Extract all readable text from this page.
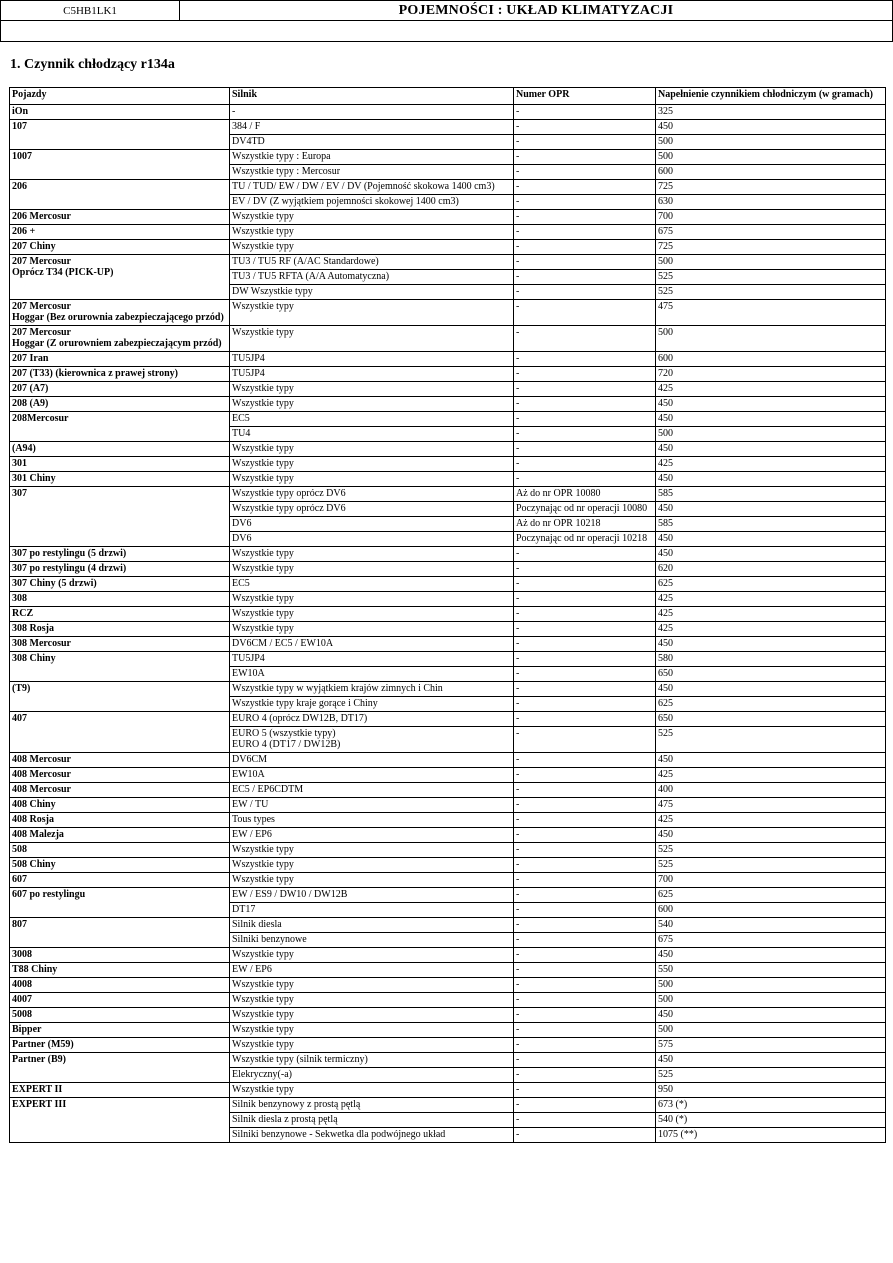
C5HB1LK1	POJEMNOŚCI : UKŁAD KLIMATYZACJI
1. Czynnik chłodzący r134a
Pojazdy	Silnik	Numer OPR	Napełnienie czynnikiem chłodniczym (w gramach)
iOn	-	-	325
107	384 / F	-	450
	DV4TD	-	500
1007	Wszystkie typy : Europa	-	500
	Wszystkie typy : Mercosur	-	600
206	TU / TUD/ EW / DW / EV / DV (Pojemność skokowa 1400 cm3)	-	725
	EV / DV (Z wyjątkiem pojemności skokowej 1400 cm3)	-	630
206 Mercosur	Wszystkie typy	-	700
206 +	Wszystkie typy	-	675
207 Chiny	Wszystkie typy	-	725
207 Mercosur
Oprócz T34 (PICK-UP)	TU3 / TU5 RF (A/AC Standardowe)	-	500
	TU3 / TU5 RFTA (A/A Automatyczna)	-	525
	DW Wszystkie typy	-	525
207 Mercosur
Hoggar (Bez orurownia zabezpieczającego przód)	Wszystkie typy	-	475
207 Mercosur
Hoggar (Z orurowniem zabezpieczającym przód)	Wszystkie typy	-	500
207 Iran	TU5JP4	-	600
207 (T33) (kierownica z prawej strony)	TU5JP4	-	720
207 (A7)	Wszystkie typy	-	425
208 (A9)	Wszystkie typy	-	450
208Mercosur	EC5	-	450
	TU4	-	500
(A94)	Wszystkie typy	-	450
301	Wszystkie typy	-	425
301 Chiny	Wszystkie typy	-	450
307	Wszystkie typy oprócz DV6	Aż do nr OPR 10080	585
	Wszystkie typy oprócz DV6	Poczynając od nr operacji 10080	450
	DV6	Aż do nr OPR 10218	585
	DV6	Poczynając od nr operacji 10218	450
307 po restylingu (5 drzwi)	Wszystkie typy	-	450
307 po restylingu (4 drzwi)	Wszystkie typy	-	620
307 Chiny (5 drzwi)	EC5	-	625
308	Wszystkie typy	-	425
RCZ	Wszystkie typy	-	425
308 Rosja	Wszystkie typy	-	425
308 Mercosur	DV6CM / EC5 / EW10A	-	450
308 Chiny	TU5JP4	-	580
	EW10A	-	650
(T9)	Wszystkie typy w wyjątkiem krajów zimnych i Chin	-	450
	Wszystkie typy kraje gorące i Chiny	-	625
407	EURO 4 (oprócz DW12B, DT17)	-	650
	EURO 5 (wszystkie typy)
EURO 4 (DT17 / DW12B)	-	525
408 Mercosur	DV6CM	-	450
408 Mercosur	EW10A	-	425
408 Mercosur	EC5 / EP6CDTM	-	400
408 Chiny	EW / TU	-	475
408 Rosja	Tous types	-	425
408 Malezja	EW / EP6	-	450
508	Wszystkie typy	-	525
508 Chiny	Wszystkie typy	-	525
607	Wszystkie typy	-	700
607 po restylingu	EW / ES9 / DW10 / DW12B	-	625
	DT17	-	600
807	Silnik diesla	-	540
	Silniki benzynowe	-	675
3008	Wszystkie typy	-	450
T88 Chiny	EW / EP6	-	550
4008	Wszystkie typy	-	500
4007	Wszystkie typy	-	500
5008	Wszystkie typy	-	450
Bipper	Wszystkie typy	-	500
Partner (M59)	Wszystkie typy	-	575
Partner (B9)	Wszystkie typy (silnik termiczny)	-	450
	Elekryczny(-a)	-	525
EXPERT II	Wszystkie typy	-	950
EXPERT III	Silnik benzynowy z prostą pętlą	-	673 (*)
	Silnik diesla z prostą pętlą	-	540 (*)
	Silniki benzynowe - Sekwetka dla podwójnego układ	-	1075 (**)
